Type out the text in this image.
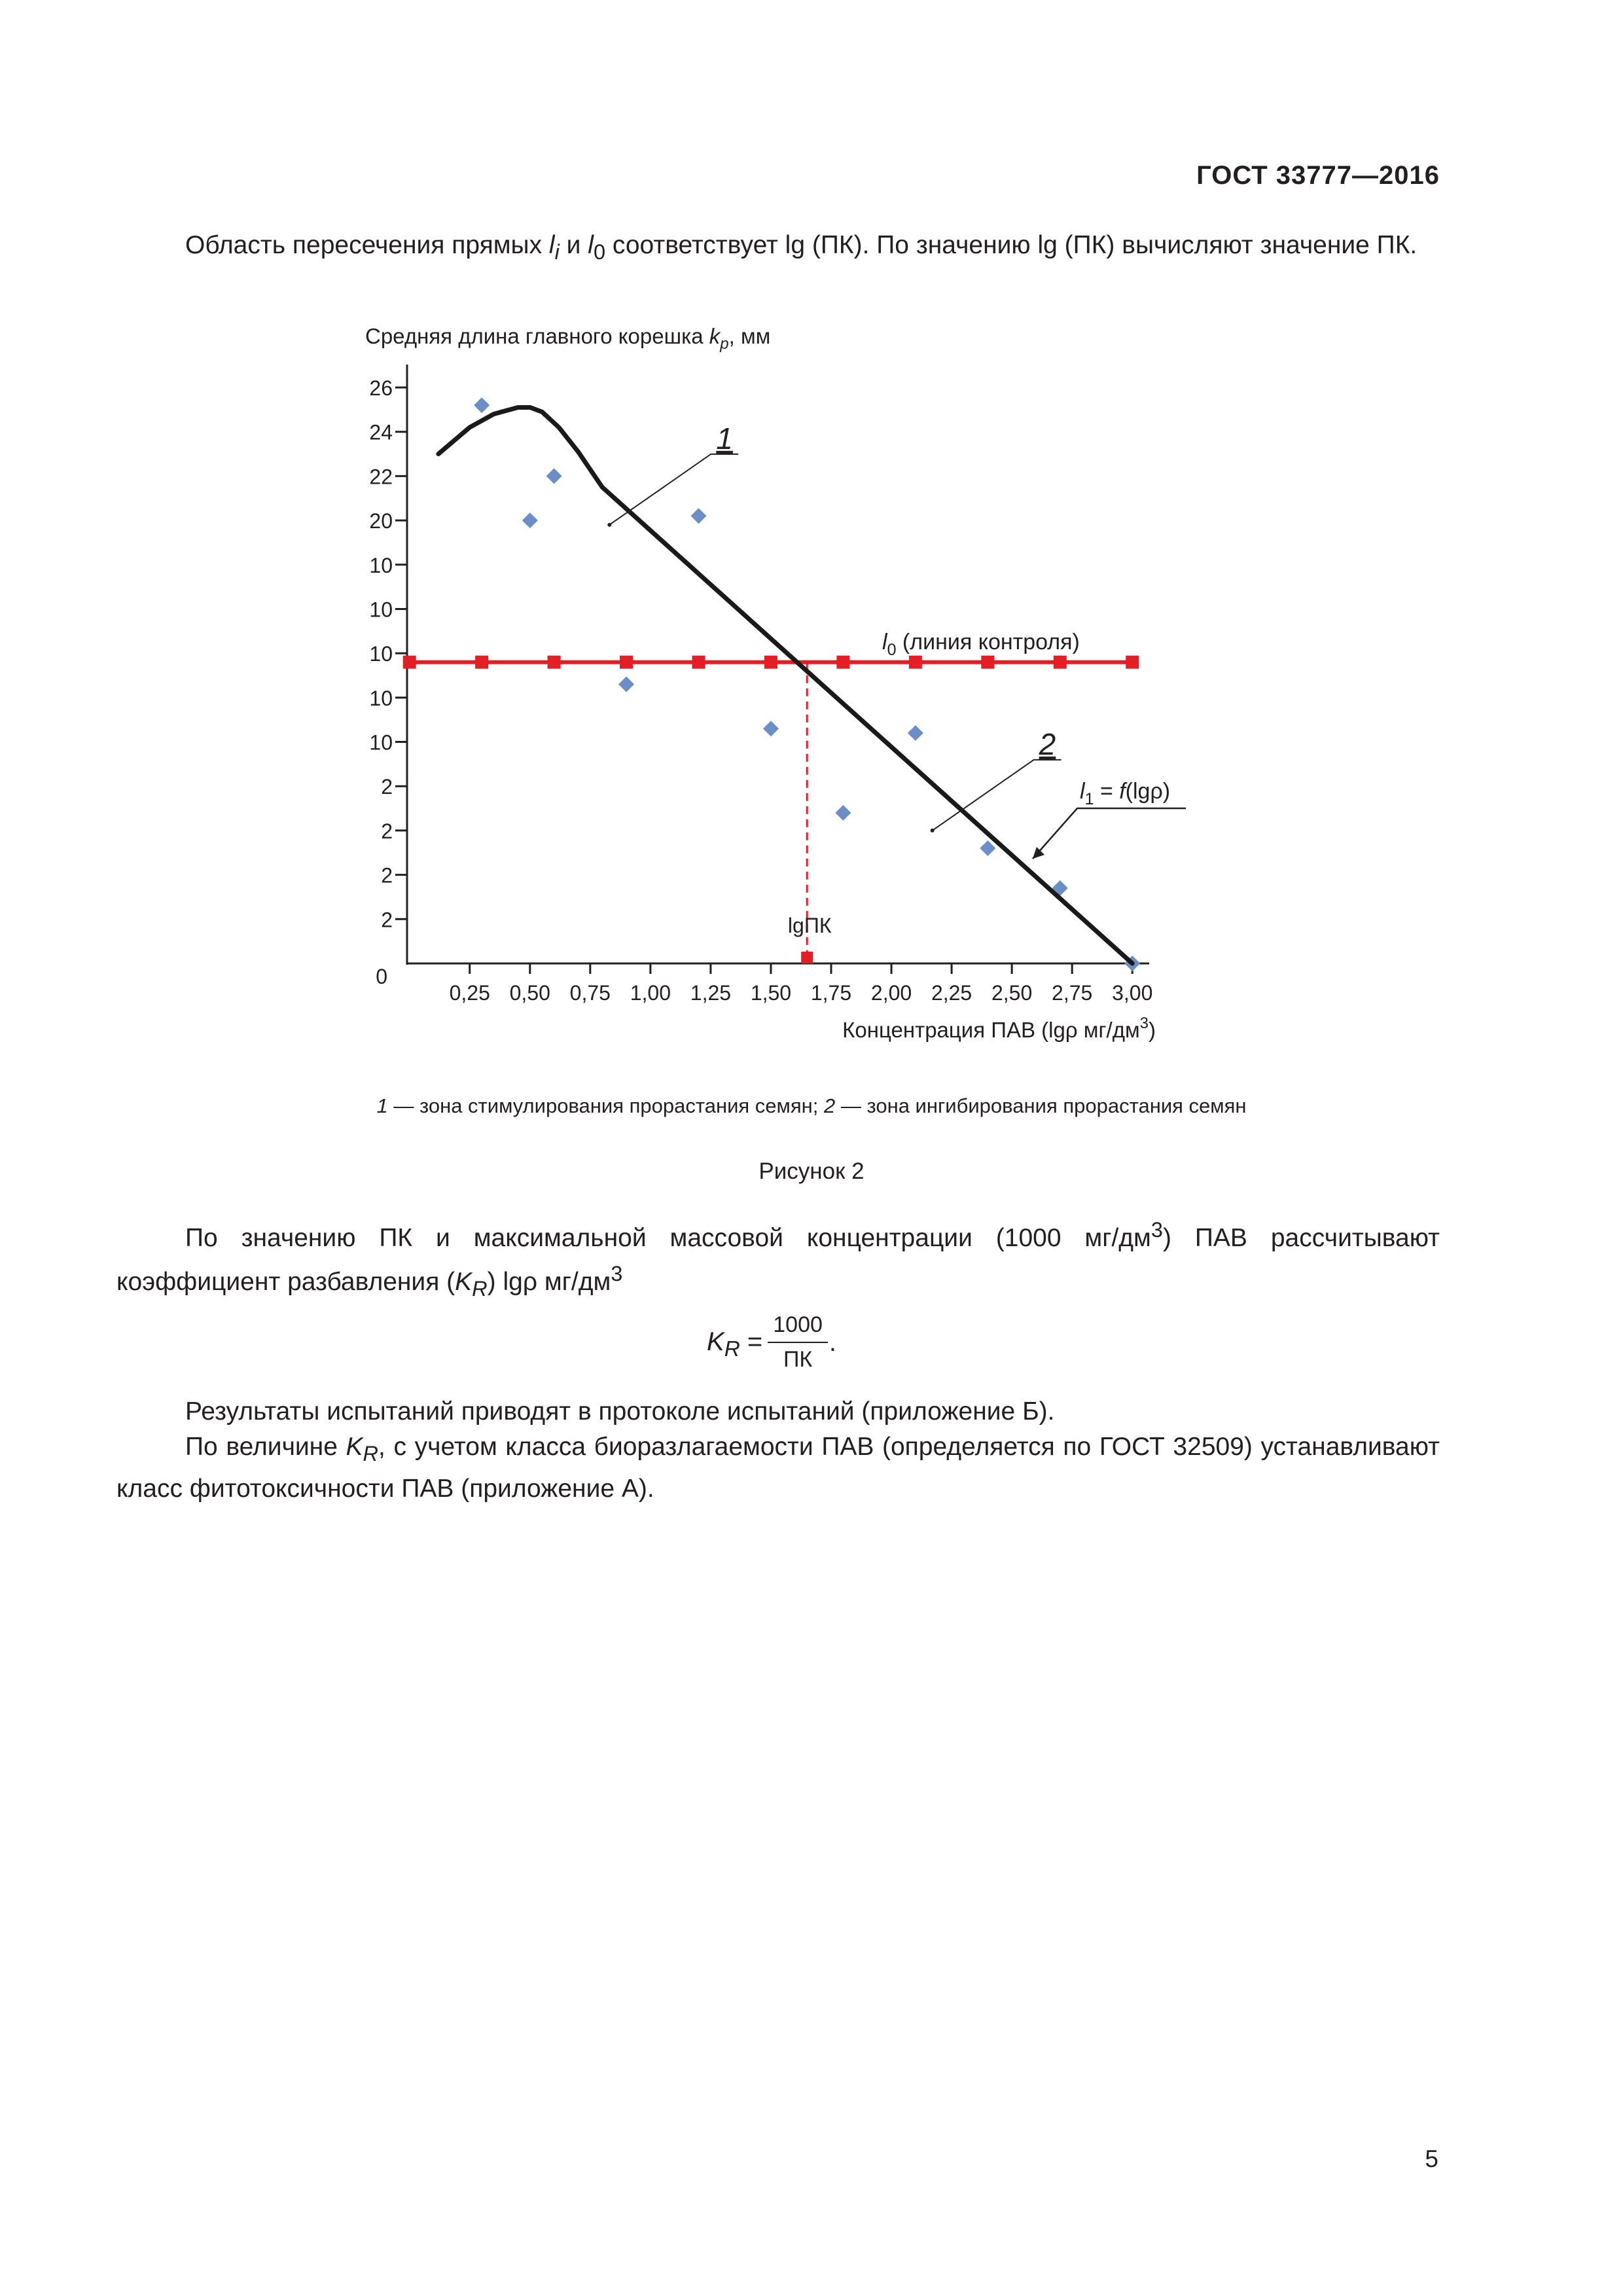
ГОСТ 33777—2016
Область пересечения прямых $l_i$ и $l_0$ соответствует lg (ПК). По значению lg (ПК) вычисляют значение ПК.
Средняя длина главного корешка $k_p$, мм
26
24
22
20
10
10
10
10
10
2
2
2
2
0,25 0,50 0,75 1,00 1,25 1,50 1,75 2,00 2,25 2,50 2,75 3,00
0
Концентрация ПАВ (lgρ $мг/дм^3$)
1
2
$l_0$ (линия контроля)
$l_1 = f(\lg\rho)$
lgПК
1 — зона стимулирования прорастания семян; 2 — зона ингибирования прорастания семян
Рисунок 2
По значению ПК и максимальной массовой концентрации (1000 $мг/дм^3$) ПАВ рассчитывают коэффициент разбавления $(K_R)$ lgρ $мг/дм^3$
$K_R$ =
1000
ПК
.
Результаты испытаний приводят в протоколе испытаний (приложение Б).
По величине $K_R$, с учетом класса биоразлагаемости ПАВ (определяется по ГОСТ 32509) устанавливают класс фитотоксичности ПАВ (приложение А).
5
